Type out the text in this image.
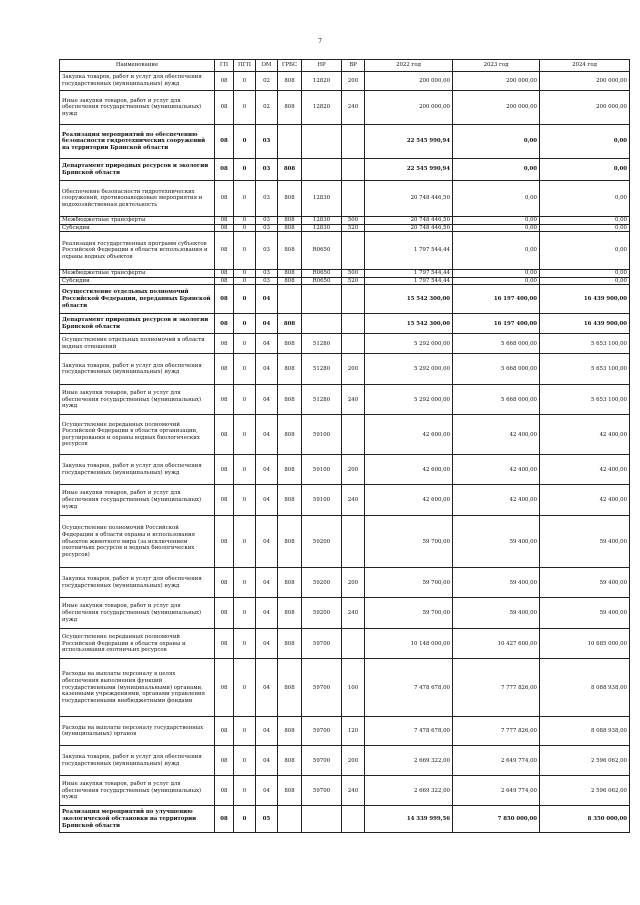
7
Наименование	ГП	ПГП	ОМ	ГРБС	НР	ВР	2022 год	2023 год	2024 год
Закупка товаров, работ и услуг для обеспечения государственных (муниципальных) нужд	08	0	02	808	12820	200	200 000,00	200 000,00	200 000,00
Иные закупки товаров, работ и услуг для обеспечения государственных (муниципальных) нужд	08	0	02	808	12820	240	200 000,00	200 000,00	200 000,00
Реализация мероприятий по обеспечению безопасности гидротехнических сооружений на территории Брянской области	08	0	03				22 545 990,94	0,00	0,00
Департамент природных ресурсов и экологии Брянской области	08	0	03	808			22 545 990,94	0,00	0,00
Обеспечение безопасности гидротехнических сооружений, противопаводковые мероприятия и водохозяйственная деятельность	08	0	03	808	12830		20 748 446,50	0,00	0,00
Межбюджетные трансферты	08	0	03	808	12830	500	20 748 446,50	0,00	0,00
Субсидии	08	0	03	808	12830	520	20 748 446,50	0,00	0,00
Реализация государственных программ субъектов Российской Федерации в области использования и охраны водных объектов	08	0	03	808	R0650		1 797 544,44	0,00	0,00
Межбюджетные трансферты	08	0	03	808	R0650	500	1 797 544,44	0,00	0,00
Субсидии	08	0	03	808	R0650	520	1 797 544,44	0,00	0,00
Осуществление отдельных полномочий Российской Федерации, переданных Брянской области	08	0	04				15 542 300,00	16 197 400,00	16 439 900,00
Департамент природных ресурсов и экологии Брянской области	08	0	04	808			15 542 300,00	16 197 400,00	16 439 900,00
Осуществление отдельных полномочий в области водных отношений	08	0	04	808	51280		5 292 000,00	5 668 000,00	5 653 100,00
Закупка товаров, работ и услуг для обеспечения государственных (муниципальных) нужд	08	0	04	808	51280	200	5 292 000,00	5 668 000,00	5 653 100,00
Иные закупки товаров, работ и услуг для обеспечения государственных (муниципальных) нужд	08	0	04	808	51280	240	5 292 000,00	5 668 000,00	5 653 100,00
Осуществление переданных полномочий Российской Федерации в области организации, регулирования и охраны водных биологических ресурсов	08	0	04	808	59100		42 600,00	42 400,00	42 400,00
Закупка товаров, работ и услуг для обеспечения государственных (муниципальных) нужд	08	0	04	808	59100	200	42 600,00	42 400,00	42 400,00
Иные закупки товаров, работ и услуг для обеспечения государственных (муниципальных) нужд	08	0	04	808	59100	240	42 600,00	42 400,00	42 400,00
Осуществление полномочий Российской Федерации в области охраны и использования объектов животного мира (за исключением охотничьих ресурсов и водных биологических ресурсов)	08	0	04	808	59200		59 700,00	59 400,00	59 400,00
Закупка товаров, работ и услуг для обеспечения государственных (муниципальных) нужд	08	0	04	808	59200	200	59 700,00	59 400,00	59 400,00
Иные закупки товаров, работ и услуг для обеспечения государственных (муниципальных) нужд	08	0	04	808	59200	240	59 700,00	59 400,00	59 400,00
Осуществление переданных полномочий Российской Федерации в области охраны и использования охотничьих ресурсов	08	0	04	808	59700		10 148 000,00	10 427 600,00	10 685 000,00
Расходы на выплаты персоналу в целях обеспечения выполнения функций государственными (муниципальными) органами, казенными учреждениями, органами управления государственными внебюджетными фондами	08	0	04	808	59700	100	7 478 678,00	7 777 826,00	8 088 938,00
Расходы на выплаты персоналу государственных (муниципальных) органов	08	0	04	808	59700	120	7 478 678,00	7 777 826,00	8 088 938,00
Закупка товаров, работ и услуг для обеспечения государственных (муниципальных) нужд	08	0	04	808	59700	200	2 669 322,00	2 649 774,00	2 596 062,00
Иные закупки товаров, работ и услуг для обеспечения государственных (муниципальных) нужд	08	0	04	808	59700	240	2 669 322,00	2 649 774,00	2 596 062,00
Реализация мероприятий по улучшению экологической обстановки на территории Брянской области	08	0	05				14 339 999,56	7 850 000,00	8 350 000,00
